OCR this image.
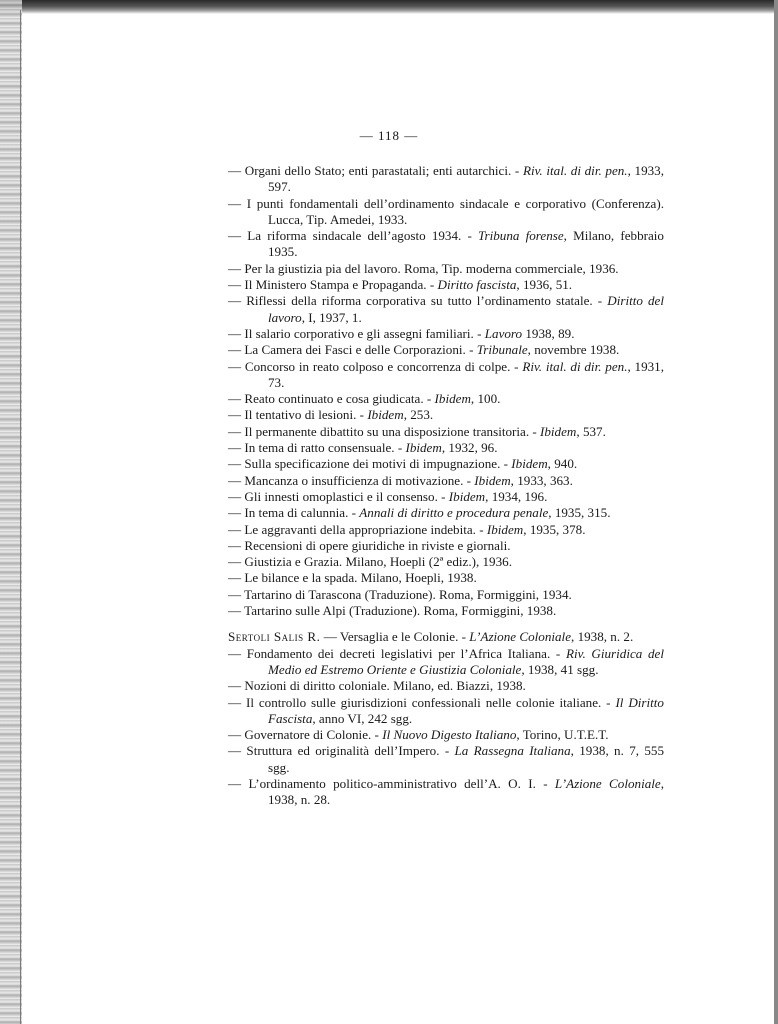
— 118 —
— Organi dello Stato; enti parastatali; enti autarchici. - Riv. ital. di dir. pen., 1933, 597.
— I punti fondamentali dell’ordinamento sindacale e corporativo (Conferenza). Lucca, Tip. Amedei, 1933.
— La riforma sindacale dell’agosto 1934. - Tribuna forense, Milano, febbraio 1935.
— Per la giustizia pia del lavoro. Roma, Tip. moderna commerciale, 1936.
— Il Ministero Stampa e Propaganda. - Diritto fascista, 1936, 51.
— Riflessi della riforma corporativa su tutto l’ordinamento statale. - Diritto del lavoro, I, 1937, 1.
— Il salario corporativo e gli assegni familiari. - Lavoro 1938, 89.
— La Camera dei Fasci e delle Corporazioni. - Tribunale, novembre 1938.
— Concorso in reato colposo e concorrenza di colpe. - Riv. ital. di dir. pen., 1931, 73.
— Reato continuato e cosa giudicata. - Ibidem, 100.
— Il tentativo di lesioni. - Ibidem, 253.
— Il permanente dibattito su una disposizione transitoria. - Ibidem, 537.
— In tema di ratto consensuale. - Ibidem, 1932, 96.
— Sulla specificazione dei motivi di impugnazione. - Ibidem, 940.
— Mancanza o insufficienza di motivazione. - Ibidem, 1933, 363.
— Gli innesti omoplastici e il consenso. - Ibidem, 1934, 196.
— In tema di calunnia. - Annali di diritto e procedura penale, 1935, 315.
— Le aggravanti della appropriazione indebita. - Ibidem, 1935, 378.
— Recensioni di opere giuridiche in riviste e giornali.
— Giustizia e Grazia. Milano, Hoepli (2ª ediz.), 1936.
— Le bilance e la spada. Milano, Hoepli, 1938.
— Tartarino di Tarascona (Traduzione). Roma, Formiggini, 1934.
— Tartarino sulle Alpi (Traduzione). Roma, Formiggini, 1938.
Sertoli Salis R. — Versaglia e le Colonie. - L’Azione Coloniale, 1938, n. 2.
— Fondamento dei decreti legislativi per l’Africa Italiana. - Riv. Giuridica del Medio ed Estremo Oriente e Giustizia Coloniale, 1938, 41 sgg.
— Nozioni di diritto coloniale. Milano, ed. Biazzi, 1938.
— Il controllo sulle giurisdizioni confessionali nelle colonie italiane. - Il Diritto Fascista, anno VI, 242 sgg.
— Governatore di Colonie. - Il Nuovo Digesto Italiano, Torino, U.T.E.T.
— Struttura ed originalità dell’Impero. - La Rassegna Italiana, 1938, n. 7, 555 sgg.
— L’ordinamento politico-amministrativo dell’A. O. I. - L’Azione Coloniale, 1938, n. 28.
